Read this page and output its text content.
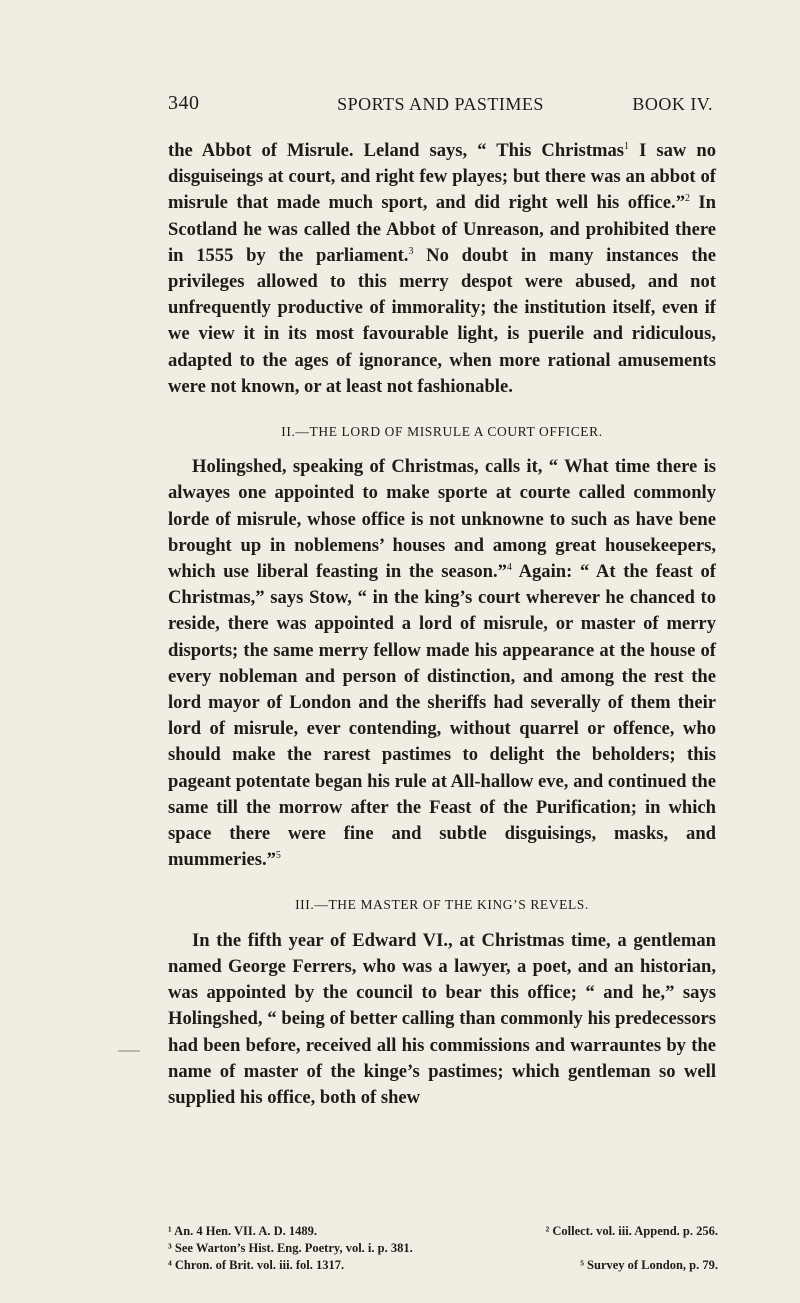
340	SPORTS AND PASTIMES	BOOK IV.

the Abbot of Misrule. Leland says, “ This Christmas$^1$ I saw no disguiseings at court, and right few playes; but there was an abbot of misrule that made much sport, and did right well his office.”$^2$ In Scotland he was called the Abbot of Unreason, and prohibited there in 1555 by the parliament.$^3$ No doubt in many instances the privileges allowed to this merry despot were abused, and not unfrequently productive of immorality; the institution itself, even if we view it in its most favourable light, is puerile and ridiculous, adapted to the ages of ignorance, when more rational amusements were not known, or at least not fashionable.

II.—THE LORD OF MISRULE A COURT OFFICER.

Holingshed, speaking of Christmas, calls it, “ What time there is alwayes one appointed to make sporte at courte called commonly lorde of misrule, whose office is not unknowne to such as have bene brought up in noblemens’ houses and among great housekeepers, which use liberal feasting in the season.”$^4$ Again: “ At the feast of Christmas,” says Stow, “ in the king’s court wherever he chanced to reside, there was appointed a lord of misrule, or master of merry disports; the same merry fellow made his appearance at the house of every nobleman and person of distinction, and among the rest the lord mayor of London and the sheriffs had severally of them their lord of misrule, ever contending, without quarrel or offence, who should make the rarest pastimes to delight the beholders; this pageant potentate began his rule at All-hallow eve, and continued the same till the morrow after the Feast of the Purification; in which space there were fine and subtle disguisings, masks, and mummeries.”$^5$

III.—THE MASTER OF THE KING’S REVELS.

In the fifth year of Edward VI., at Christmas time, a gentleman named George Ferrers, who was a lawyer, a poet, and an historian, was appointed by the council to bear this office; “ and he,” says Holingshed, “ being of better calling than commonly his predecessors had been before, received all his commissions and warrauntes by the name of master of the kinge’s pastimes; which gentleman so well supplied his office, both of shew

¹ An. 4 Hen. VII. A. D. 1489.	² Collect. vol. iii. Append. p. 256.
³ See Warton’s Hist. Eng. Poetry, vol. i. p. 381.
⁴ Chron. of Brit. vol. iii. fol. 1317.	⁵ Survey of London, p. 79.
